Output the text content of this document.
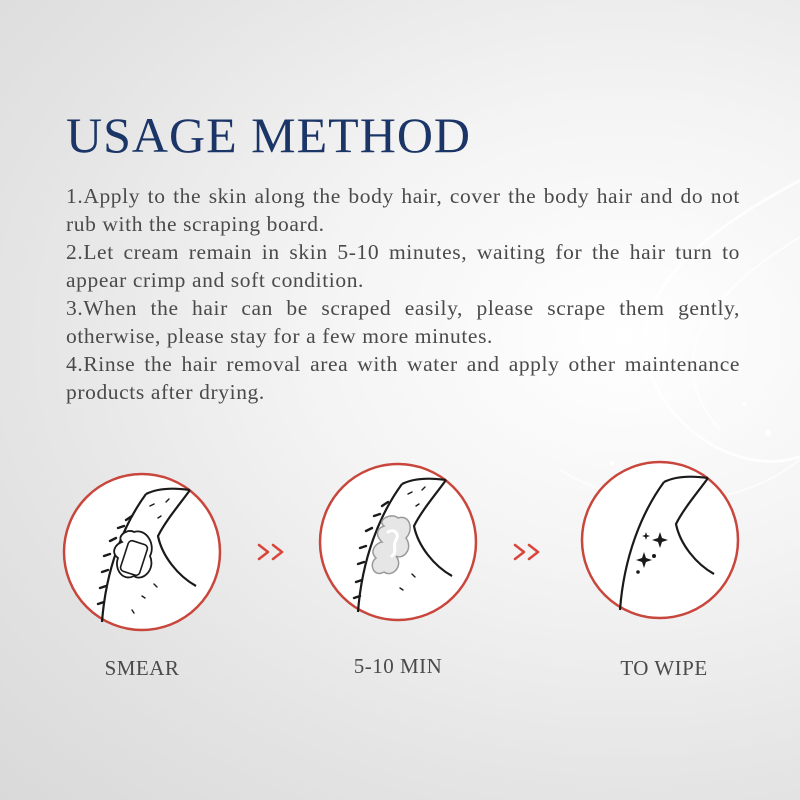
USAGE METHOD

1.Apply to the skin along the body hair, cover the body hair and do not rub with the scraping board.

2.Let cream remain in skin 5-10 minutes, waiting for the hair turn to appear crimp and soft condition.

3.When the hair can be scraped easily, please scrape them gently, otherwise, please stay for a few more minutes.

4.Rinse the hair removal area with water and apply other maintenance products after drying.

SMEAR	5-10 MIN	TO WIPE
